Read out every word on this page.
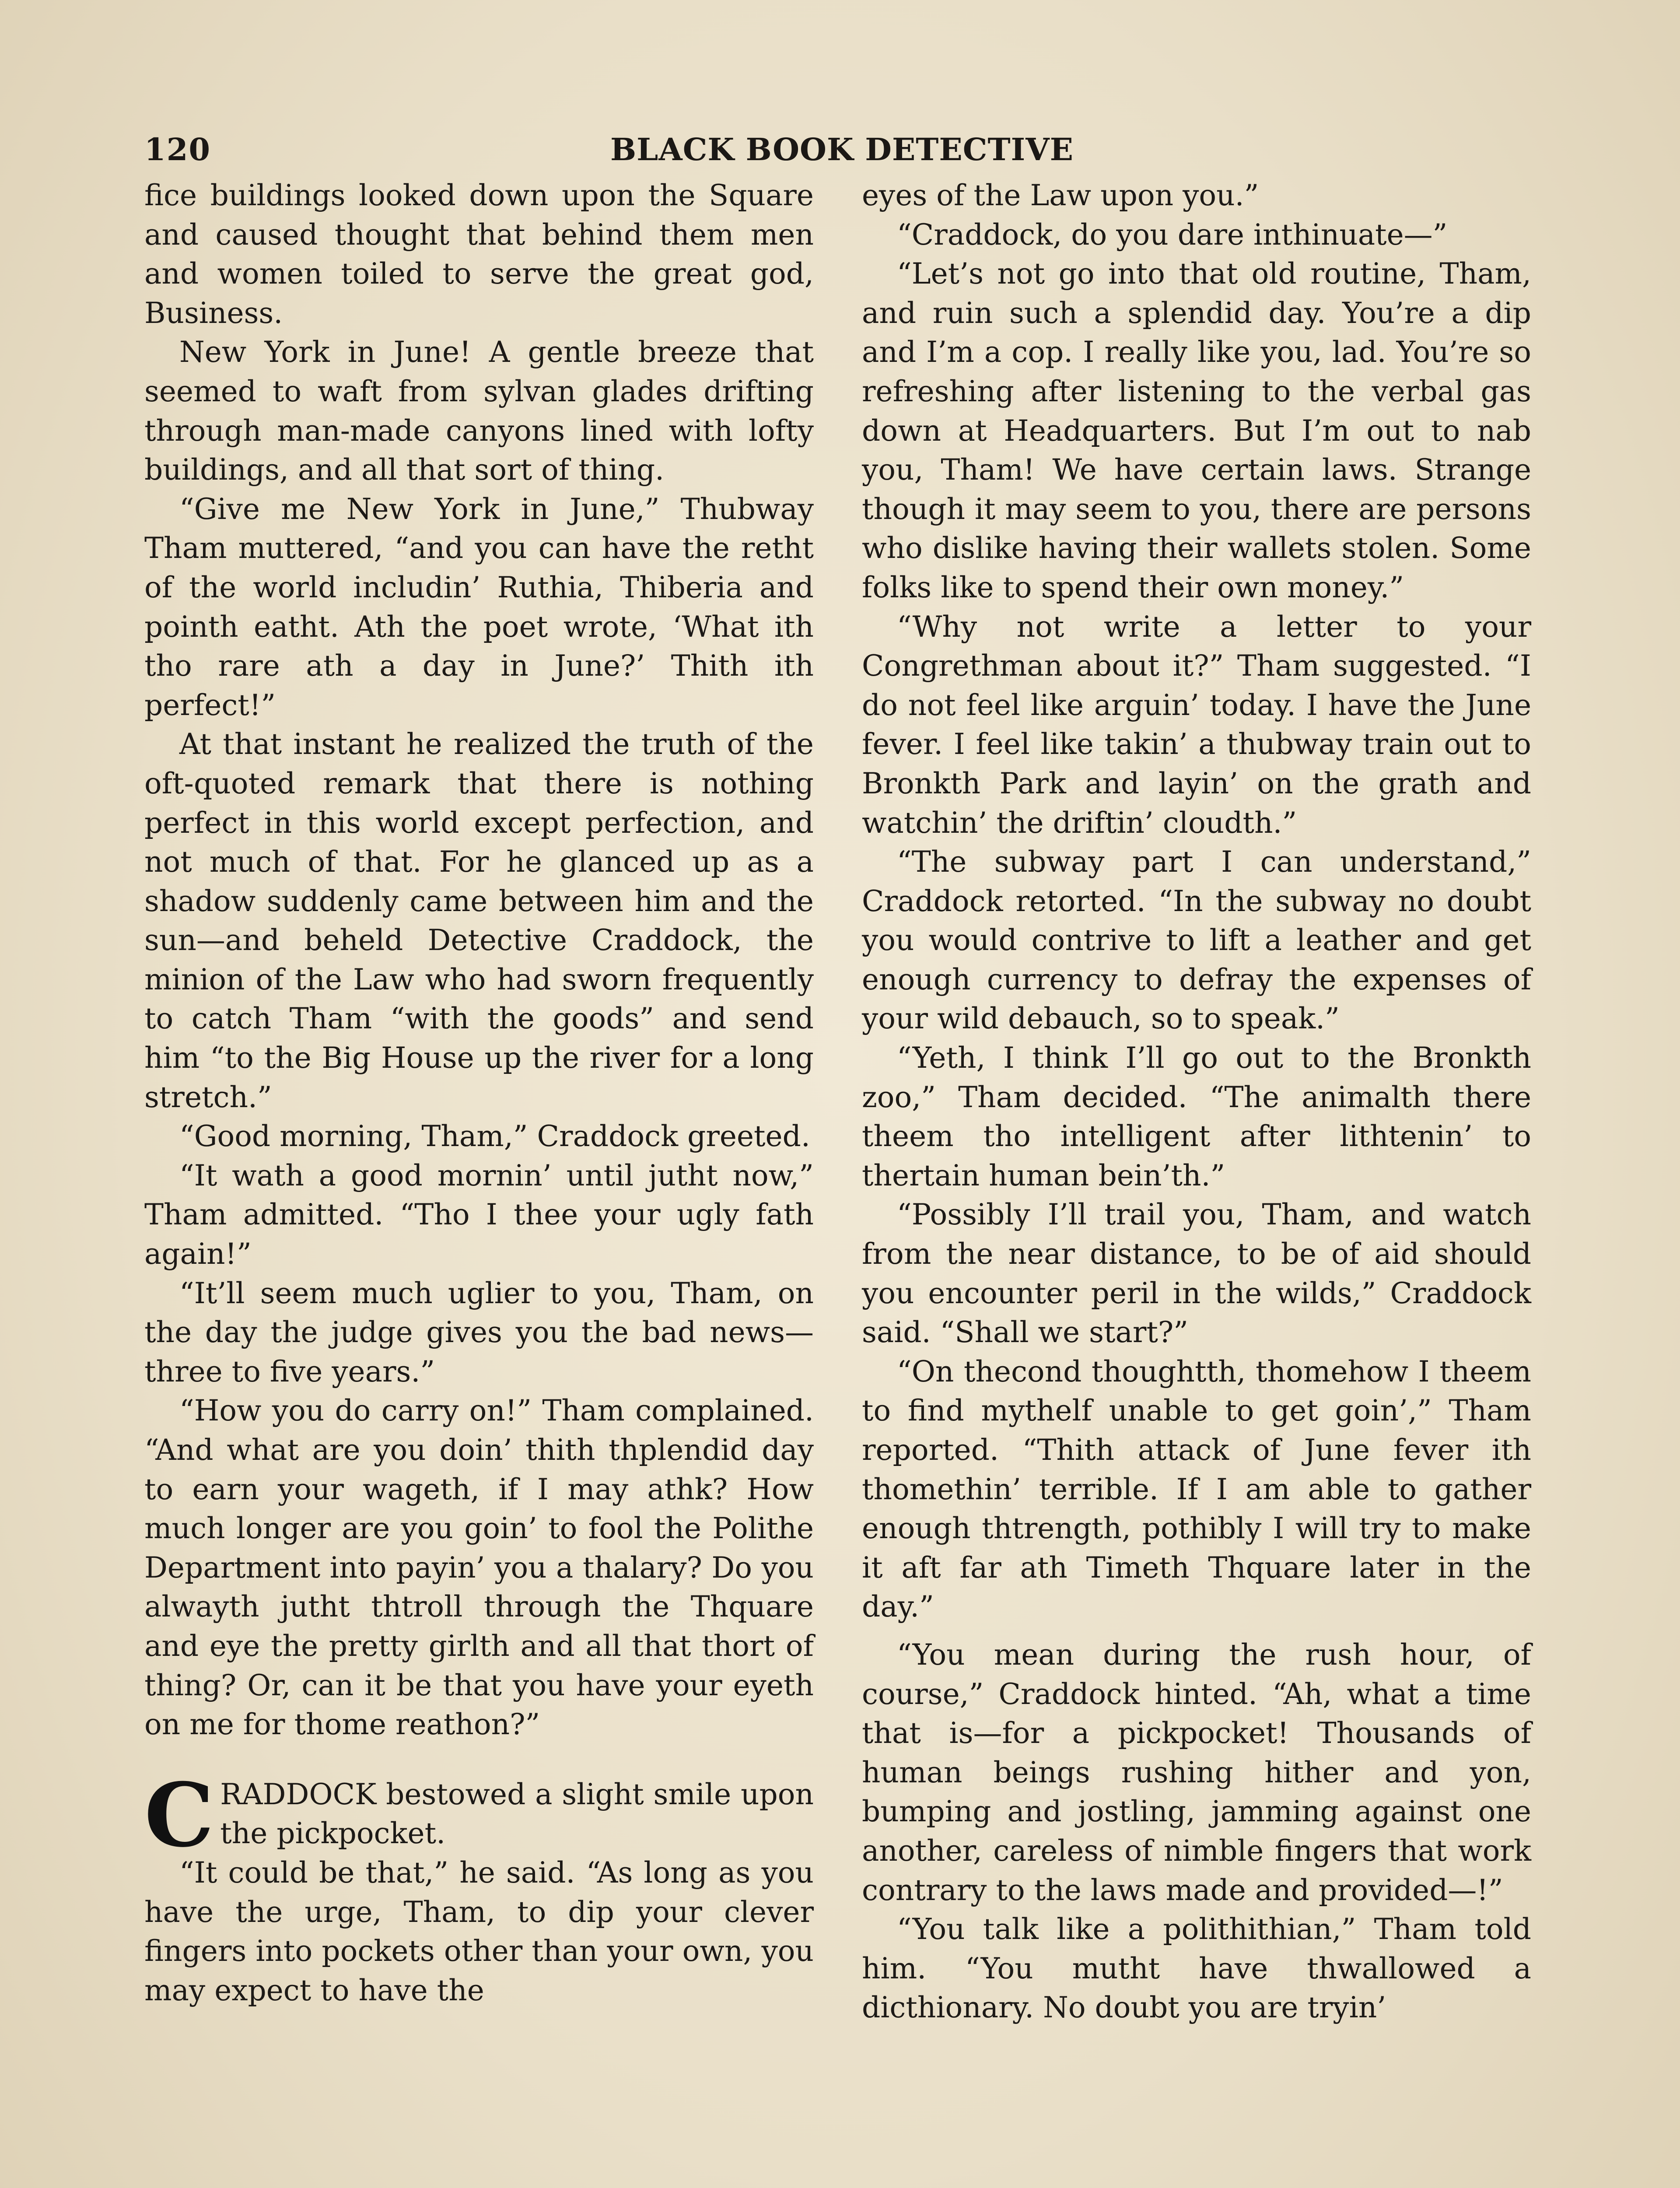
120	BLACK BOOK DETECTIVE

fice buildings looked down upon the Square and caused thought that behind them men and women toiled to serve the great god, Business.

New York in June! A gentle breeze that seemed to waft from sylvan glades drifting through man-made canyons lined with lofty buildings, and all that sort of thing.

“Give me New York in June,” Thubway Tham muttered, “and you can have the retht of the world includin’ Ruthia, Thiberia and pointh eatht. Ath the poet wrote, ‘What ith tho rare ath a day in June?’ Thith ith perfect!”

At that instant he realized the truth of the oft-quoted remark that there is nothing perfect in this world except perfection, and not much of that. For he glanced up as a shadow suddenly came between him and the sun—and beheld Detective Craddock, the minion of the Law who had sworn frequently to catch Tham “with the goods” and send him “to the Big House up the river for a long stretch.”

“Good morning, Tham,” Craddock greeted.

“It wath a good mornin’ until jutht now,” Tham admitted. “Tho I thee your ugly fath again!”

“It’ll seem much uglier to you, Tham, on the day the judge gives you the bad news—three to five years.”

“How you do carry on!” Tham complained. “And what are you doin’ thith thplendid day to earn your wageth, if I may athk? How much longer are you goin’ to fool the Polithe Department into payin’ you a thalary? Do you alwayth jutht thtroll through the Thquare and eye the pretty girlth and all that thort of thing? Or, can it be that you have your eyeth on me for thome reathon?”

CRADDOCK bestowed a slight smile upon the pickpocket.

“It could be that,” he said. “As long as you have the urge, Tham, to dip your clever fingers into pockets other than your own, you may expect to have the

eyes of the Law upon you.”

“Craddock, do you dare inthinuate—”

“Let’s not go into that old routine, Tham, and ruin such a splendid day. You’re a dip and I’m a cop. I really like you, lad. You’re so refreshing after listening to the verbal gas down at Headquarters. But I’m out to nab you, Tham! We have certain laws. Strange though it may seem to you, there are persons who dislike having their wallets stolen. Some folks like to spend their own money.”

“Why not write a letter to your Congrethman about it?” Tham suggested. “I do not feel like arguin’ today. I have the June fever. I feel like takin’ a thubway train out to Bronkth Park and layin’ on the grath and watchin’ the driftin’ cloudth.”

“The subway part I can understand,” Craddock retorted. “In the subway no doubt you would contrive to lift a leather and get enough currency to defray the expenses of your wild debauch, so to speak.”

“Yeth, I think I’ll go out to the Bronkth zoo,” Tham decided. “The animalth there theem tho intelligent after lithtenin’ to thertain human bein’th.”

“Possibly I’ll trail you, Tham, and watch from the near distance, to be of aid should you encounter peril in the wilds,” Craddock said. “Shall we start?”

“On thecond thoughtth, thomehow I theem to find mythelf unable to get goin’,” Tham reported. “Thith attack of June fever ith thomethin’ terrible. If I am able to gather enough thtrength, pothibly I will try to make it aft far ath Timeth Thquare later in the day.”

“You mean during the rush hour, of course,” Craddock hinted. “Ah, what a time that is—for a pickpocket! Thousands of human beings rushing hither and yon, bumping and jostling, jamming against one another, careless of nimble fingers that work contrary to the laws made and provided—!”

“You talk like a polithithian,” Tham told him. “You mutht have thwallowed a dicthionary. No doubt you are tryin’
